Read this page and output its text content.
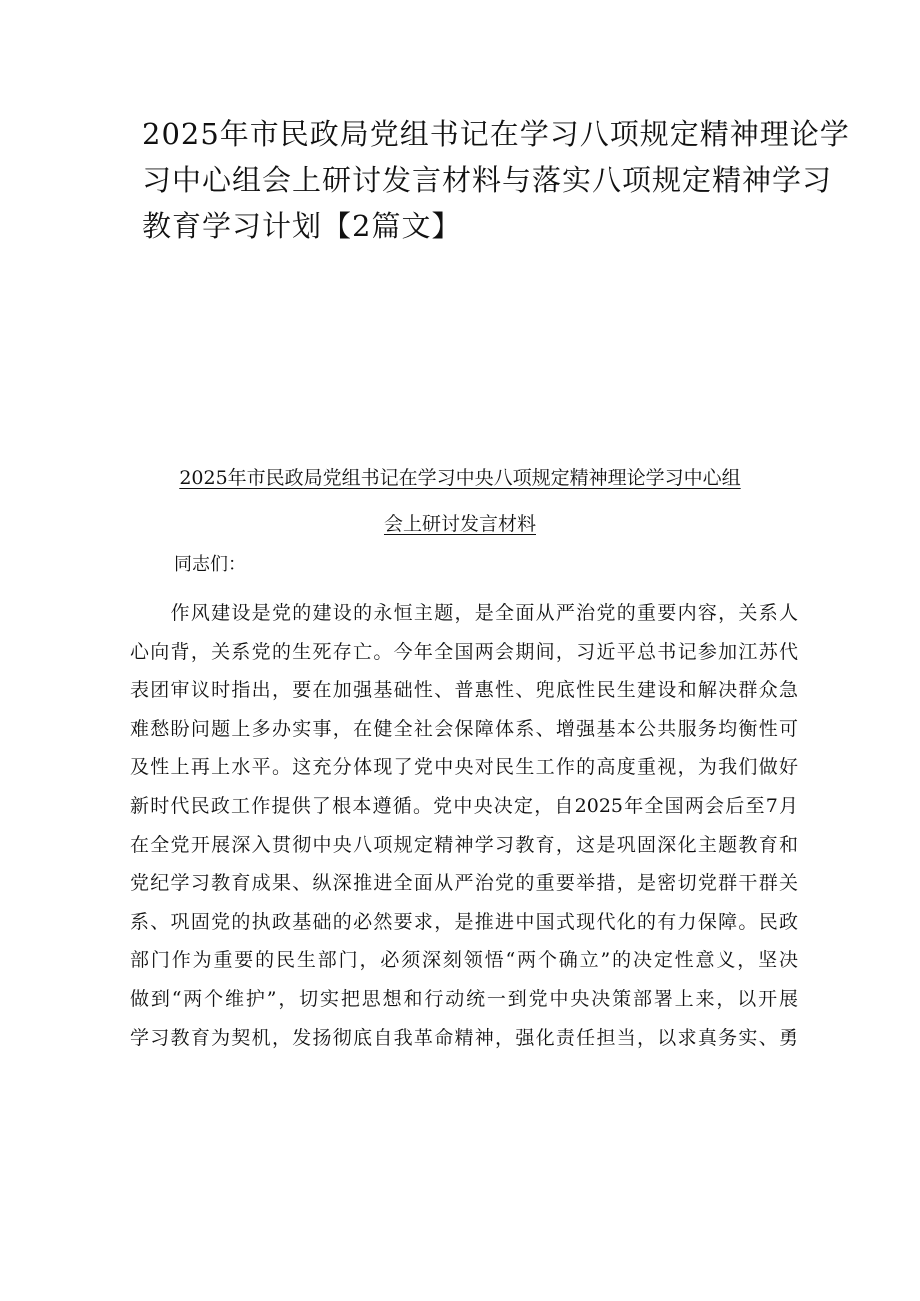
2025年市民政局党组书记在学习八项规定精神理论学
习中心组会上研讨发言材料与落实八项规定精神学习
教育学习计划【2篇文】
2025年市民政局党组书记在学习中央八项规定精神理论学习中心组
会上研讨发言材料

同志们：

　　作风建设是党的建设的永恒主题，是全面从严治党的重要内容，关系人
心向背，关系党的生死存亡。今年全国两会期间，习近平总书记参加江苏代
表团审议时指出，要在加强基础性、普惠性、兜底性民生建设和解决群众急
难愁盼问题上多办实事，在健全社会保障体系、增强基本公共服务均衡性可
及性上再上水平。这充分体现了党中央对民生工作的高度重视，为我们做好
新时代民政工作提供了根本遵循。党中央决定，自2025年全国两会后至7月
在全党开展深入贯彻中央八项规定精神学习教育，这是巩固深化主题教育和
党纪学习教育成果、纵深推进全面从严治党的重要举措，是密切党群干群关
系、巩固党的执政基础的必然要求，是推进中国式现代化的有力保障。民政
部门作为重要的民生部门，必须深刻领悟“两个确立”的决定性意义，坚决
做到“两个维护”，切实把思想和行动统一到党中央决策部署上来，以开展
学习教育为契机，发扬彻底自我革命精神，强化责任担当，以求真务实、勇
